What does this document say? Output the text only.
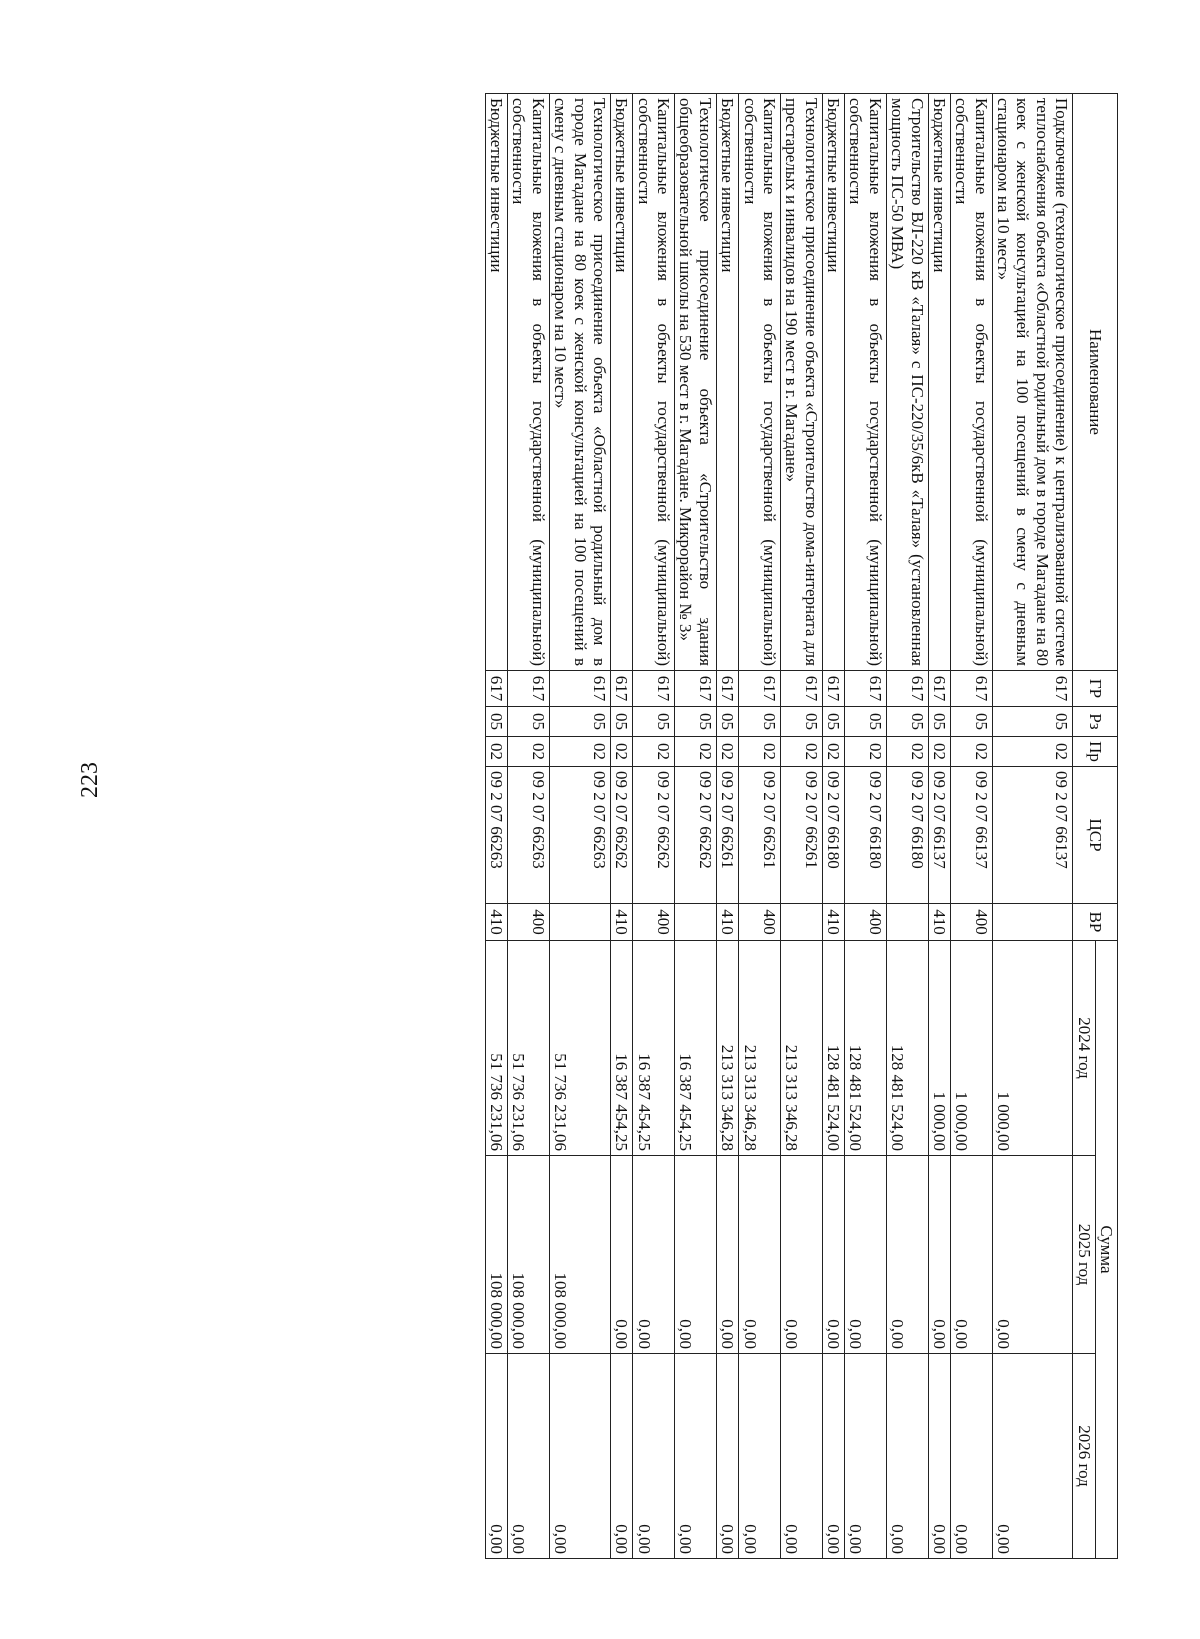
223
Наименование	ГР	Рз	Пр	ЦСР	ВР	Сумма		
						2024 год	2025 год	2026 год
Подключение (технологическое присоединение) к централизованной системе теплоснабжения объекта «Областной родильный дом в городе Магадане на 80 коек с женской консультацией на 100 посещений в смену с дневным стационаром на 10 мест»	617	05	02	09 2 07 66137		1 000,00	0,00	0,00
Капитальные вложения в объекты государственной (муниципальной) собственности	617	05	02	09 2 07 66137	400	1 000,00	0,00	0,00
Бюджетные инвестиции	617	05	02	09 2 07 66137	410	1 000,00	0,00	0,00
Строительство ВЛ-220 кВ «Талая» с ПС-220/35/6кВ «Талая» (установленная мощность ПС-50 МВА)	617	05	02	09 2 07 66180		128 481 524,00	0,00	0,00
Капитальные вложения в объекты государственной (муниципальной) собственности	617	05	02	09 2 07 66180	400	128 481 524,00	0,00	0,00
Бюджетные инвестиции	617	05	02	09 2 07 66180	410	128 481 524,00	0,00	0,00
Технологическое присоединение объекта «Строительство дома-интерната для престарелых и инвалидов на 190 мест в г. Магадане»	617	05	02	09 2 07 66261		213 313 346,28	0,00	0,00
Капитальные вложения в объекты государственной (муниципальной) собственности	617	05	02	09 2 07 66261	400	213 313 346,28	0,00	0,00
Бюджетные инвестиции	617	05	02	09 2 07 66261	410	213 313 346,28	0,00	0,00
Технологическое присоединение объекта «Строительство здания общеобразовательной школы на 530 мест в г. Магадане. Микрорайон № 3»	617	05	02	09 2 07 66262		16 387 454,25	0,00	0,00
Капитальные вложения в объекты государственной (муниципальной) собственности	617	05	02	09 2 07 66262	400	16 387 454,25	0,00	0,00
Бюджетные инвестиции	617	05	02	09 2 07 66262	410	16 387 454,25	0,00	0,00
Технологическое присоединение объекта «Областной родильный дом в городе Магадане на 80 коек с женской консультацией на 100 посещений в смену с дневным стационаром на 10 мест»	617	05	02	09 2 07 66263		51 736 231,06	108 000,00	0,00
Капитальные вложения в объекты государственной (муниципальной) собственности	617	05	02	09 2 07 66263	400	51 736 231,06	108 000,00	0,00
Бюджетные инвестиции	617	05	02	09 2 07 66263	410	51 736 231,06	108 000,00	0,00
